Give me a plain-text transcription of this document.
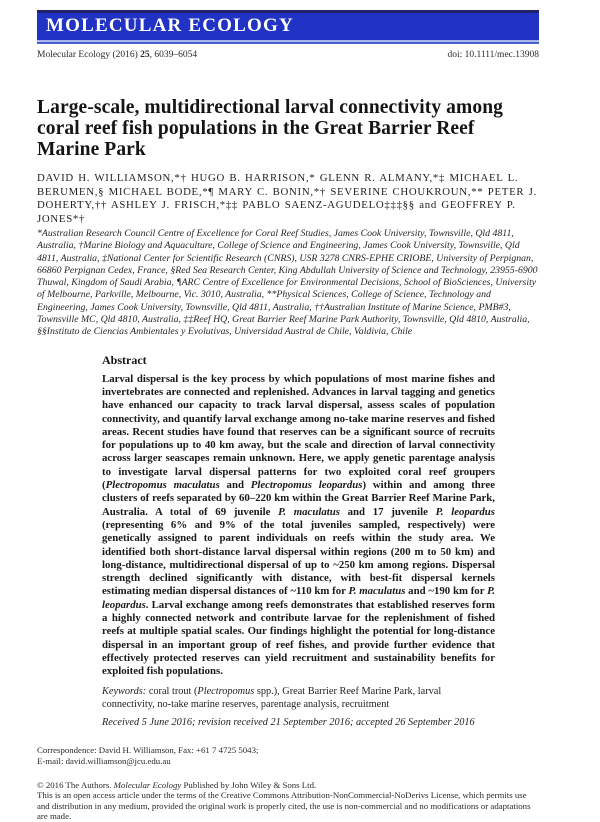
MOLECULAR ECOLOGY
Molecular Ecology (2016) 25, 6039–6054	doi: 10.1111/mec.13908
Large-scale, multidirectional larval connectivity among coral reef fish populations in the Great Barrier Reef Marine Park
DAVID H. WILLIAMSON,*† HUGO B. HARRISON,* GLENN R. ALMANY,*‡ MICHAEL L. BERUMEN,§ MICHAEL BODE,*¶ MARY C. BONIN,*† SEVERINE CHOUKROUN,** PETER J. DOHERTY,†† ASHLEY J. FRISCH,*‡‡ PABLO SAENZ-AGUDELO‡‡‡§§ and GEOFFREY P. JONES*†
*Australian Research Council Centre of Excellence for Coral Reef Studies, James Cook University, Townsville, Qld 4811, Australia, †Marine Biology and Aquaculture, College of Science and Engineering, James Cook University, Townsville, Qld 4811, Australia, ‡National Center for Scientific Research (CNRS), USR 3278 CNRS-EPHE CRIOBE, University of Perpignan, 66860 Perpignan Cedex, France, §Red Sea Research Center, King Abdullah University of Science and Technology, 23955-6900 Thuwal, Kingdom of Saudi Arabia, ¶ARC Centre of Excellence for Environmental Decisions, School of BioSciences, University of Melbourne, Parkville, Melbourne, Vic. 3010, Australia, **Physical Sciences, College of Science, Technology and Engineering, James Cook University, Townsville, Qld 4811, Australia, ††Australian Institute of Marine Science, PMB#3, Townsville MC, Qld 4810, Australia, ‡‡Reef HQ, Great Barrier Reef Marine Park Authority, Townsville, Qld 4810, Australia, §§Instituto de Ciencias Ambientales y Evolutivas, Universidad Austral de Chile, Valdivia, Chile
Abstract
Larval dispersal is the key process by which populations of most marine fishes and invertebrates are connected and replenished. Advances in larval tagging and genetics have enhanced our capacity to track larval dispersal, assess scales of population connectivity, and quantify larval exchange among no-take marine reserves and fished areas. Recent studies have found that reserves can be a significant source of recruits for populations up to 40 km away, but the scale and direction of larval connectivity across larger seascapes remain unknown. Here, we apply genetic parentage analysis to investigate larval dispersal patterns for two exploited coral reef groupers (Plectropomus maculatus and Plectropomus leopardus) within and among three clusters of reefs separated by 60–220 km within the Great Barrier Reef Marine Park, Australia. A total of 69 juvenile P. maculatus and 17 juvenile P. leopardus (representing 6% and 9% of the total juveniles sampled, respectively) were genetically assigned to parent individuals on reefs within the study area. We identified both short-distance larval dispersal within regions (200 m to 50 km) and long-distance, multidirectional dispersal of up to ~250 km among regions. Dispersal strength declined significantly with distance, with best-fit dispersal kernels estimating median dispersal distances of ~110 km for P. maculatus and ~190 km for P. leopardus. Larval exchange among reefs demonstrates that established reserves form a highly connected network and contribute larvae for the replenishment of fished reefs at multiple spatial scales. Our findings highlight the potential for long-distance dispersal in an important group of reef fishes, and provide further evidence that effectively protected reserves can yield recruitment and sustainability benefits for exploited fish populations.
Keywords: coral trout (Plectropomus spp.), Great Barrier Reef Marine Park, larval connectivity, no-take marine reserves, parentage analysis, recruitment
Received 5 June 2016; revision received 21 September 2016; accepted 26 September 2016
Correspondence: David H. Williamson, Fax: +61 7 4725 5043;
E-mail: david.williamson@jcu.edu.au

© 2016 The Authors. Molecular Ecology Published by John Wiley & Sons Ltd.

This is an open access article under the terms of the Creative Commons Attribution-NonCommercial-NoDerivs License, which permits use and distribution in any medium, provided the original work is properly cited, the use is non-commercial and no modifications or adaptations are made.
